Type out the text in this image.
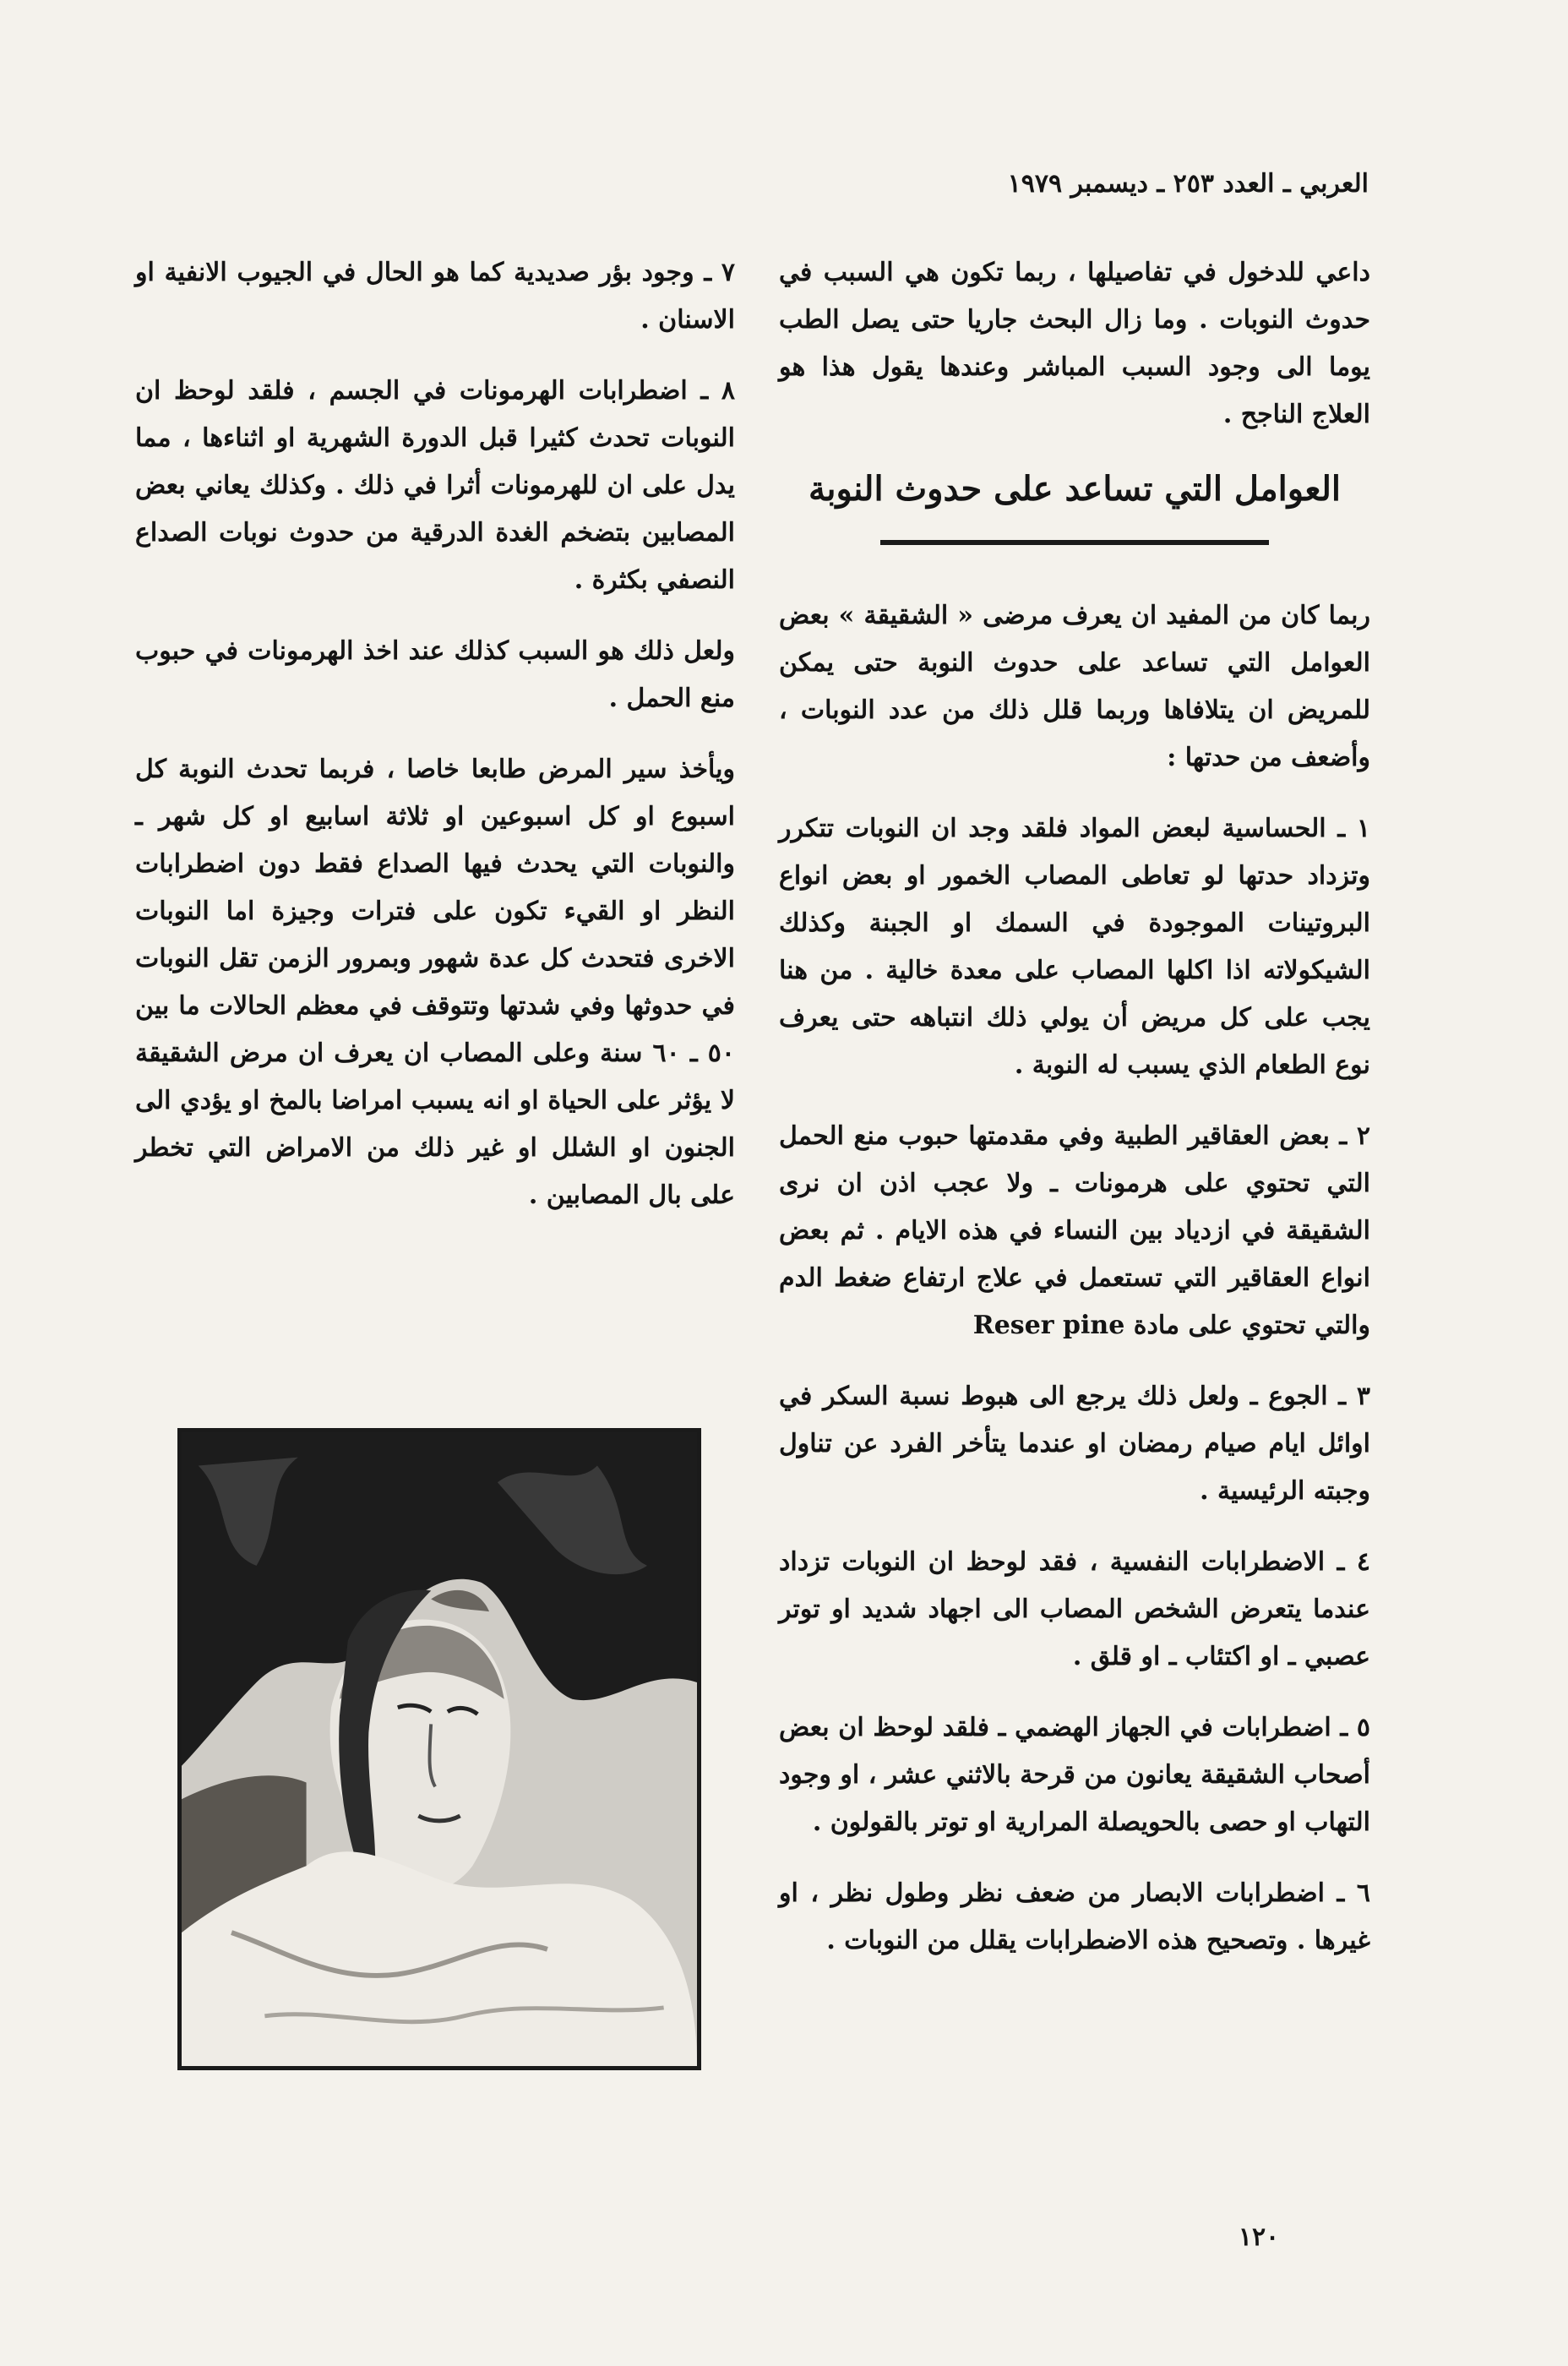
العربي ـ العدد ٢٥٣ ـ ديسمبر ١٩٧٩

داعي للدخول في تفاصيلها ، ربما تكون هي السبب في حدوث النوبات . وما زال البحث جاريا حتى يصل الطب يوما الى وجود السبب المباشر وعندها يقول هذا هو العلاج الناجح .

العوامل التي تساعد على حدوث النوبة

ربما كان من المفيد ان يعرف مرضى « الشقيقة » بعض العوامل التي تساعد على حدوث النوبة حتى يمكن للمريض ان يتلافاها وربما قلل ذلك من عدد النوبات ، وأضعف من حدتها :

١ ـ الحساسية لبعض المواد فلقد وجد ان النوبات تتكرر وتزداد حدتها لو تعاطى المصاب الخمور او بعض انواع البروتينات الموجودة في السمك او الجبنة وكذلك الشيكولاته اذا اكلها المصاب على معدة خالية . من هنا يجب على كل مريض أن يولي ذلك انتباهه حتى يعرف نوع الطعام الذي يسبب له النوبة .

٢ ـ بعض العقاقير الطبية وفي مقدمتها حبوب منع الحمل التي تحتوي على هرمونات ـ ولا عجب اذن ان نرى الشقيقة في ازدياد بين النساء في هذه الايام . ثم بعض انواع العقاقير التي تستعمل في علاج ارتفاع ضغط الدم والتي تحتوي على مادة Reser pine

٣ ـ الجوع ـ ولعل ذلك يرجع الى هبوط نسبة السكر في اوائل ايام صيام رمضان او عندما يتأخر الفرد عن تناول وجبته الرئيسية .

٤ ـ الاضطرابات النفسية ، فقد لوحظ ان النوبات تزداد عندما يتعرض الشخص المصاب الى اجهاد شديد او توتر عصبي ـ او اكتئاب ـ او قلق .

٥ ـ اضطرابات في الجهاز الهضمي ـ فلقد لوحظ ان بعض أصحاب الشقيقة يعانون من قرحة بالاثني عشر ، او وجود التهاب او حصى بالحويصلة المرارية او توتر بالقولون .

٦ ـ اضطرابات الابصار من ضعف نظر وطول نظر ، او غيرها . وتصحيح هذه الاضطرابات يقلل من النوبات .

٧ ـ وجود بؤر صديدية كما هو الحال في الجيوب الانفية او الاسنان .

٨ ـ اضطرابات الهرمونات في الجسم ، فلقد لوحظ ان النوبات تحدث كثيرا قبل الدورة الشهرية او اثناءها ، مما يدل على ان للهرمونات أثرا في ذلك . وكذلك يعاني بعض المصابين بتضخم الغدة الدرقية من حدوث نوبات الصداع النصفي بكثرة .

ولعل ذلك هو السبب كذلك عند اخذ الهرمونات في حبوب منع الحمل .

ويأخذ سير المرض طابعا خاصا ، فربما تحدث النوبة كل اسبوع او كل اسبوعين او ثلاثة اسابيع او كل شهر ـ والنوبات التي يحدث فيها الصداع فقط دون اضطرابات النظر او القيء تكون على فترات وجيزة اما النوبات الاخرى فتحدث كل عدة شهور وبمرور الزمن تقل النوبات في حدوثها وفي شدتها وتتوقف في معظم الحالات ما بين ٥٠ ـ ٦٠ سنة وعلى المصاب ان يعرف ان مرض الشقيقة لا يؤثر على الحياة او انه يسبب امراضا بالمخ او يؤدي الى الجنون او الشلل او غير ذلك من الامراض التي تخطر على بال المصابين .

١٢٠
